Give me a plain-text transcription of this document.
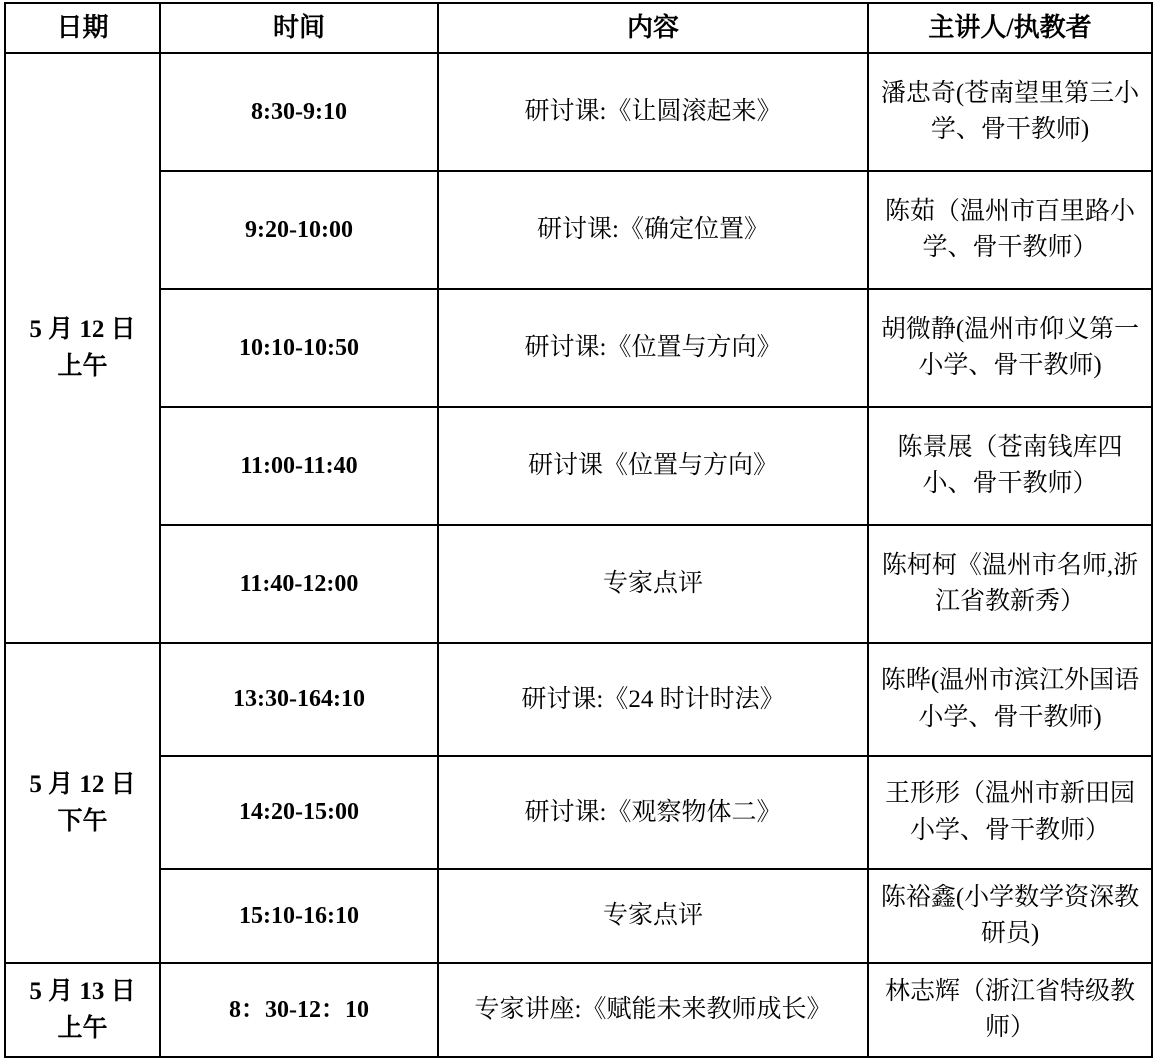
日期	时间	内容	主讲人/执教者
5 月 12 日
上午	8:30-9:10	研讨课:《让圆滚起来》	潘忠奇(苍南望里第三小学、骨干教师)
	9:20-10:00	研讨课:《确定位置》	陈茹（温州市百里路小学、骨干教师）
	10:10-10:50	研讨课:《位置与方向》	胡微静(温州市仰义第一小学、骨干教师)
	11:00-11:40	研讨课《位置与方向》	陈景展（苍南钱库四小、骨干教师）
	11:40-12:00	专家点评	陈柯柯《温州市名师,浙江省教新秀）
5 月 12 日
下午	13:30-164:10	研讨课:《24 时计时法》	陈晔(温州市滨江外国语小学、骨干教师)
	14:20-15:00	研讨课:《观察物体二》	王形形（温州市新田园小学、骨干教师）
	15:10-16:10	专家点评	陈裕鑫(小学数学资深教研员)
5 月 13 日
上午	8：30-12：10	专家讲座:《赋能未来教师成长》	林志辉（浙江省特级教师）
